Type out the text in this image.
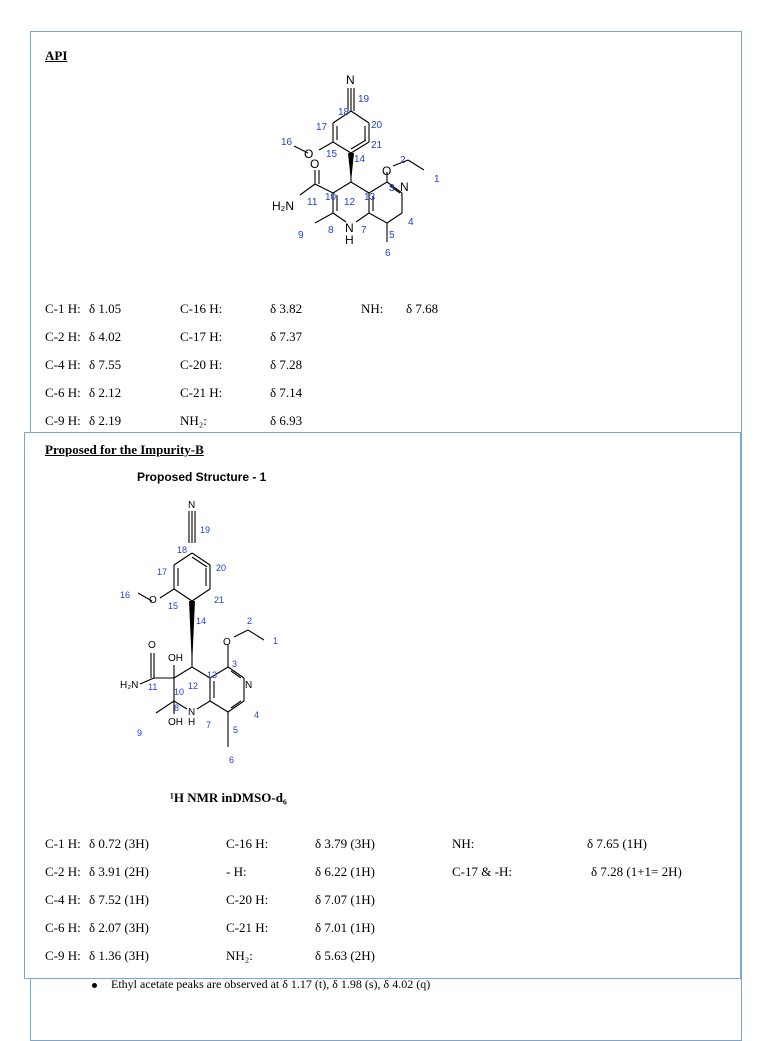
API
N
O
O
O
N
H₂N
N
H
19
18
17	20
21
16
15 14	2
1
3
4
11 10 12 13
9 8	7 5
6
C-1 H: δ 1.05	C-16 H:	δ 3.82	NH: δ 7.68
C-2 H: δ 4.02	C-17 H:	δ 7.37
C-4 H: δ 7.55	C-20 H:	δ 7.28
C-6 H: δ 2.12	C-21 H:	δ 7.14
C-9 H: δ 2.19	NH₂:	δ 6.93
Proposed for the Impurity-B
Proposed Structure - 1
N
O
O
O
OH
N
H₂N
OH
N
H
19
18
17	20
21
16
15
14	2
1
3
13
4
11 10
12
8
9
7 5
6
¹H NMR inDMSO-d₆
C-1 H: δ 0.72 (3H)	C-16 H:	δ 3.79 (3H)	NH:	δ 7.65 (1H)
C-2 H: δ 3.91 (2H)	- H:	δ 6.22 (1H)	C-17 & -H:	δ 7.28 (1+1= 2H)
C-4 H: δ 7.52 (1H)	C-20 H:	δ 7.07 (1H)
C-6 H: δ 2.07 (3H)	C-21 H:	δ 7.01 (1H)
C-9 H: δ 1.36 (3H)	NH₂:	δ 5.63 (2H)
Ethyl acetate peaks are observed at δ 1.17 (t), δ 1.98 (s), δ 4.02 (q)
